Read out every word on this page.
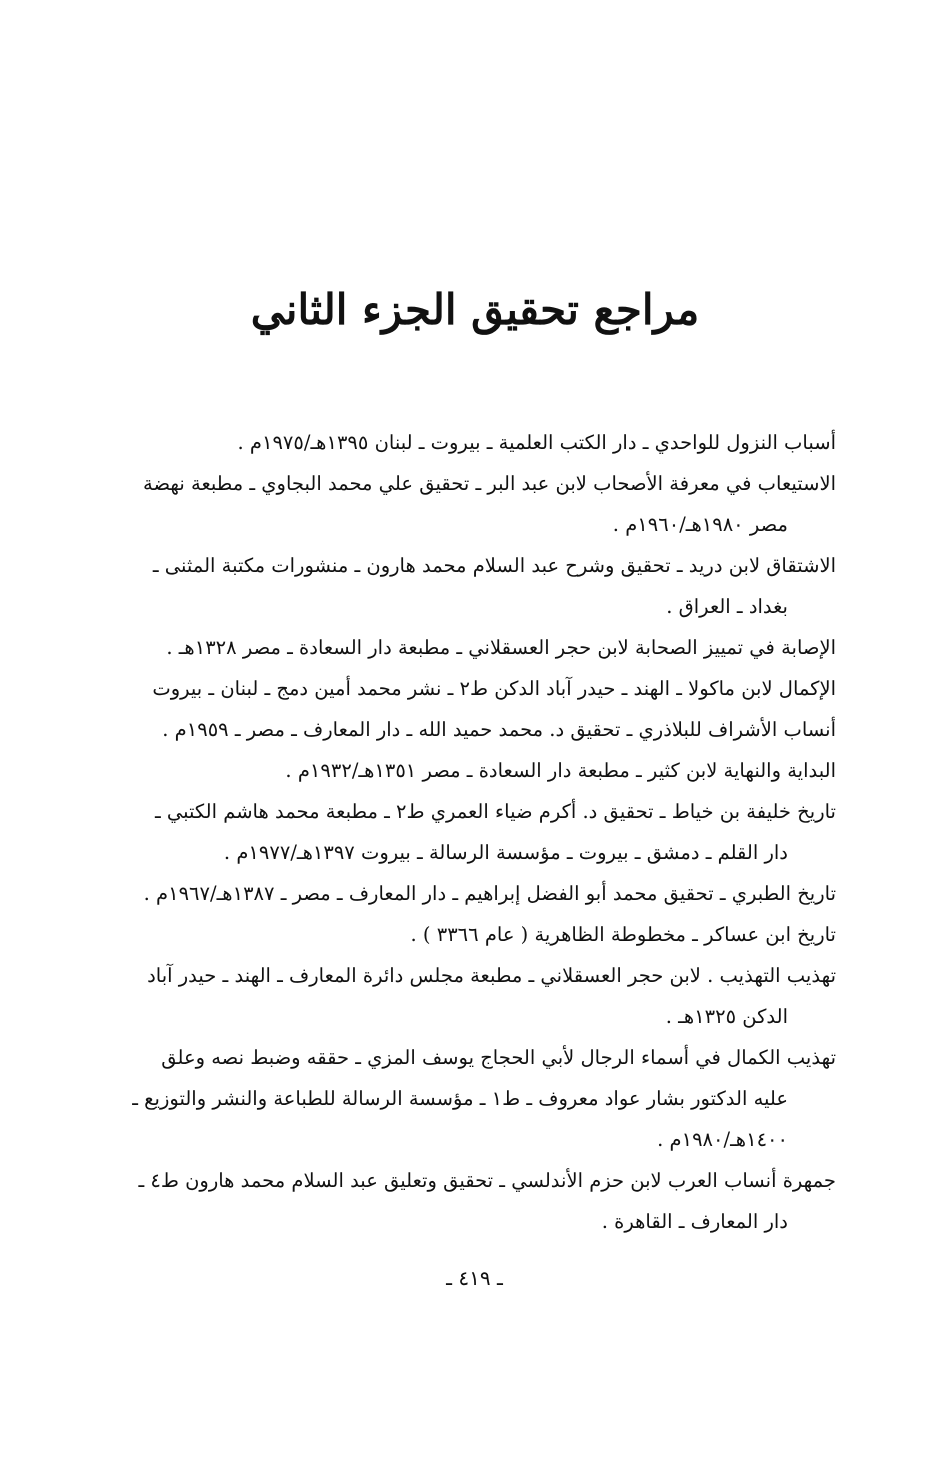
مراجع تحقيق الجزء الثاني
أسباب النزول للواحدي ـ دار الكتب العلمية ـ بيروت ـ لبنان ١٣٩٥هـ/١٩٧٥م .
الاستيعاب في معرفة الأصحاب لابن عبد البر ـ تحقيق علي محمد البجاوي ـ مطبعة نهضة مصر ١٩٨٠هـ/١٩٦٠م .
الاشتقاق لابن دريد ـ تحقيق وشرح عبد السلام محمد هارون ـ منشورات مكتبة المثنى ـ بغداد ـ العراق .
الإصابة في تمييز الصحابة لابن حجر العسقلاني ـ مطبعة دار السعادة ـ مصر ١٣٢٨هـ .
الإكمال لابن ماكولا ـ الهند ـ حيدر آباد الدكن ط٢ ـ نشر محمد أمين دمج ـ لبنان ـ بيروت
أنساب الأشراف للبلاذري ـ تحقيق د. محمد حميد الله ـ دار المعارف ـ مصر ـ ١٩٥٩م .
البداية والنهاية لابن كثير ـ مطبعة دار السعادة ـ مصر ١٣٥١هـ/١٩٣٢م .
تاريخ خليفة بن خياط ـ تحقيق د. أكرم ضياء العمري ط٢ ـ مطبعة محمد هاشم الكتبي ـ دار القلم ـ دمشق ـ بيروت ـ مؤسسة الرسالة ـ بيروت ١٣٩٧هـ/١٩٧٧م .
تاريخ الطبري ـ تحقيق محمد أبو الفضل إبراهيم ـ دار المعارف ـ مصر ـ ١٣٨٧هـ/١٩٦٧م .
تاريخ ابن عساكر ـ مخطوطة الظاهرية ( عام ٣٣٦٦ ) .
تهذيب التهذيب . لابن حجر العسقلاني ـ مطبعة مجلس دائرة المعارف ـ الهند ـ حيدر آباد الدكن ١٣٢٥هـ .
تهذيب الكمال في أسماء الرجال لأبي الحجاج يوسف المزي ـ حققه وضبط نصه وعلق عليه الدكتور بشار عواد معروف ـ ط١ ـ مؤسسة الرسالة للطباعة والنشر والتوزيع ـ ١٤٠٠هـ/١٩٨٠م .
جمهرة أنساب العرب لابن حزم الأندلسي ـ تحقيق وتعليق عبد السلام محمد هارون ط٤ ـ دار المعارف ـ القاهرة .
ـ ٤١٩ ـ
